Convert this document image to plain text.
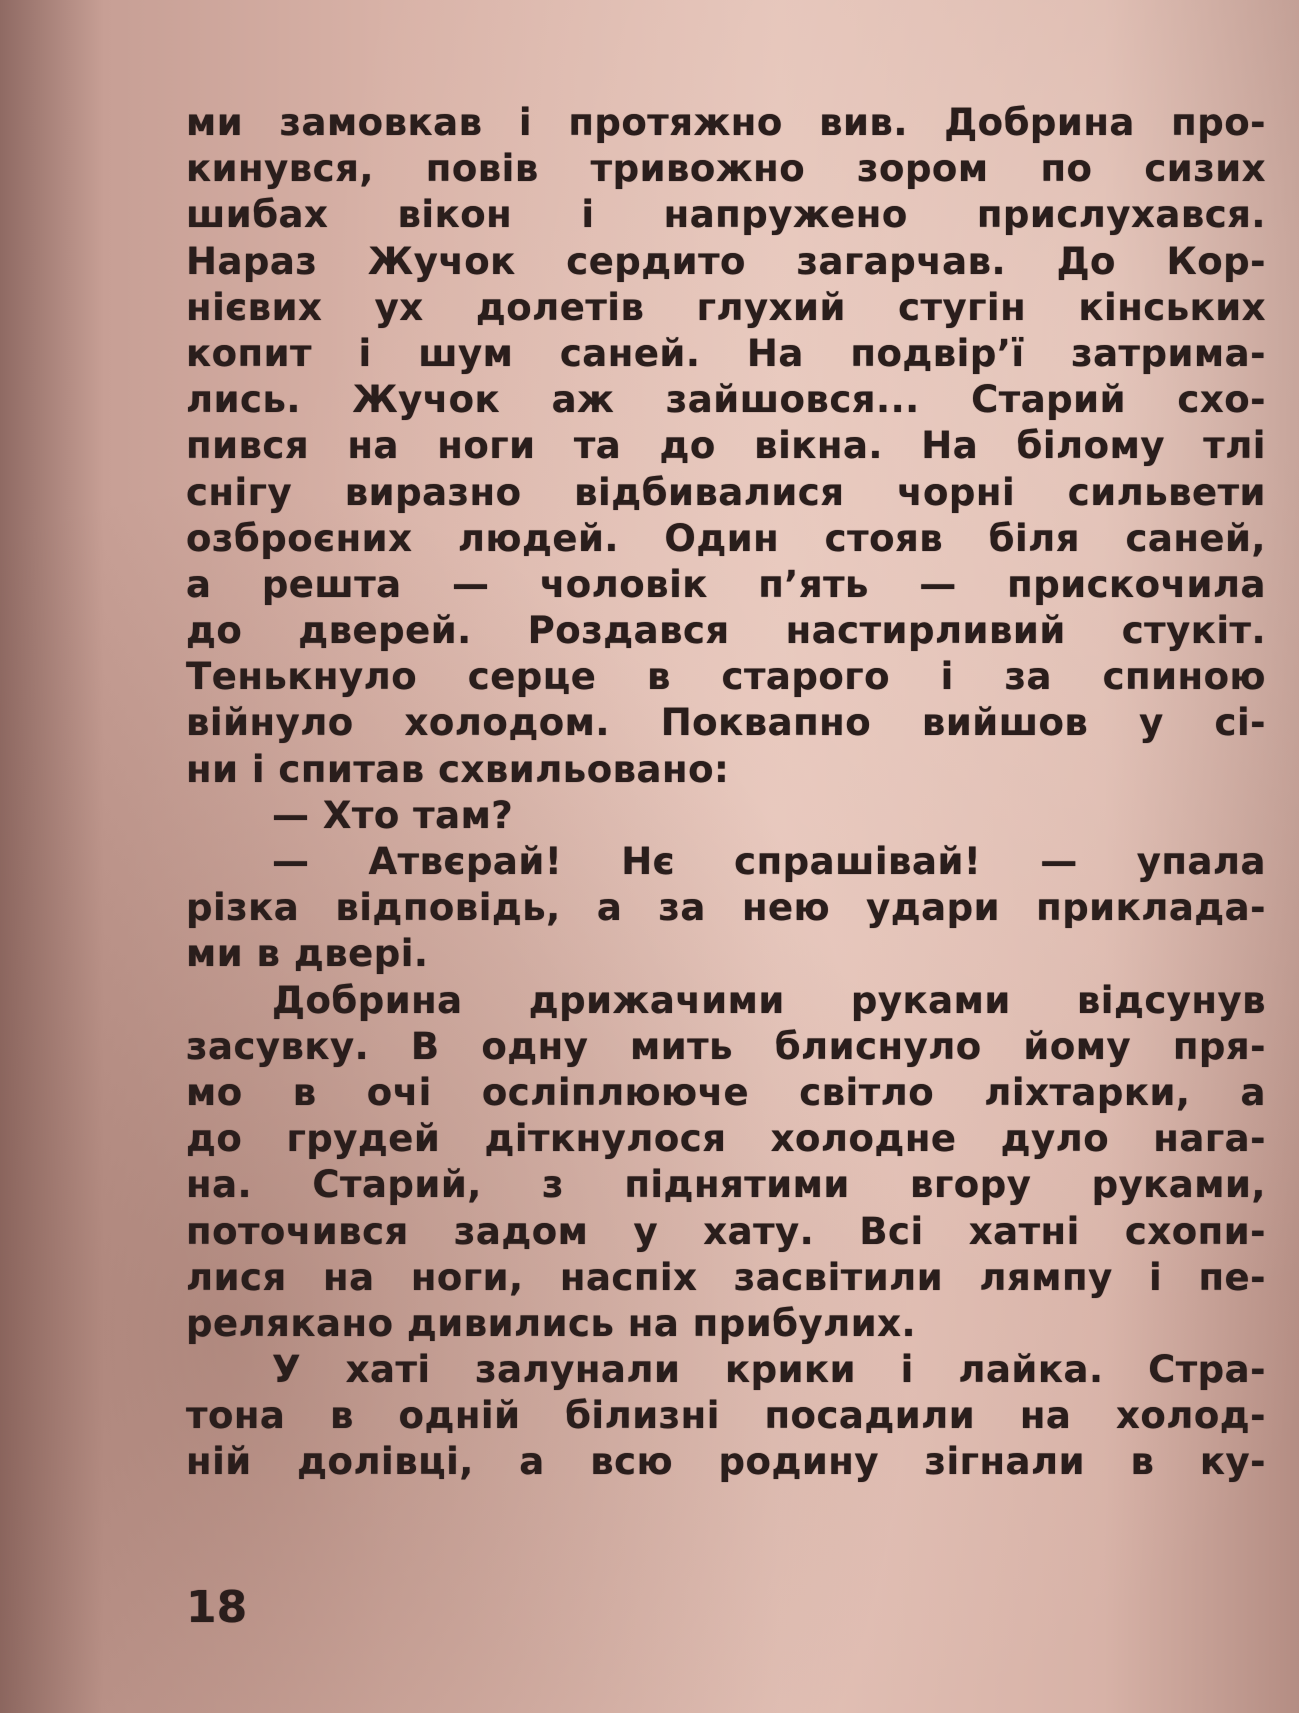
ми замовкав і протяжно вив. Добрина про-
кинувся, повів тривожно зором по сизих
шибах вікон і напружено прислухався.
Нараз Жучок сердито загарчав. До Кор-
нієвих ух долетів глухий стугін кінських
копит і шум саней. На подвір’ї затрима-
лись. Жучок аж зайшовся... Старий схо-
пився на ноги та до вікна. На білому тлі
снігу виразно відбивалися чорні сильвети
озброєних людей. Один стояв біля саней,
а решта — чоловік п’ять — прискочила
до дверей. Роздався настирливий стукіт.
Тенькнуло серце в старого і за спиною
війнуло холодом. Поквапно вийшов у сі-
ни і спитав схвильовано:
— Хто там?
— Атвєрай! Нє спрашівай! — упала
різка відповідь, а за нею удари приклада-
ми в двері.
Добрина дрижачими руками відсунув
засувку. В одну мить блиснуло йому пря-
мо в очі осліплююче світло ліхтарки, а
до грудей діткнулося холодне дуло нага-
на. Старий, з піднятими вгору руками,
поточився задом у хату. Всі хатні схопи-
лися на ноги, наспіх засвітили лямпу і пе-
релякано дивились на прибулих.
У хаті залунали крики і лайка. Стра-
тона в одній білизні посадили на холод-
ній долівці, а всю родину зігнали в ку-
18
